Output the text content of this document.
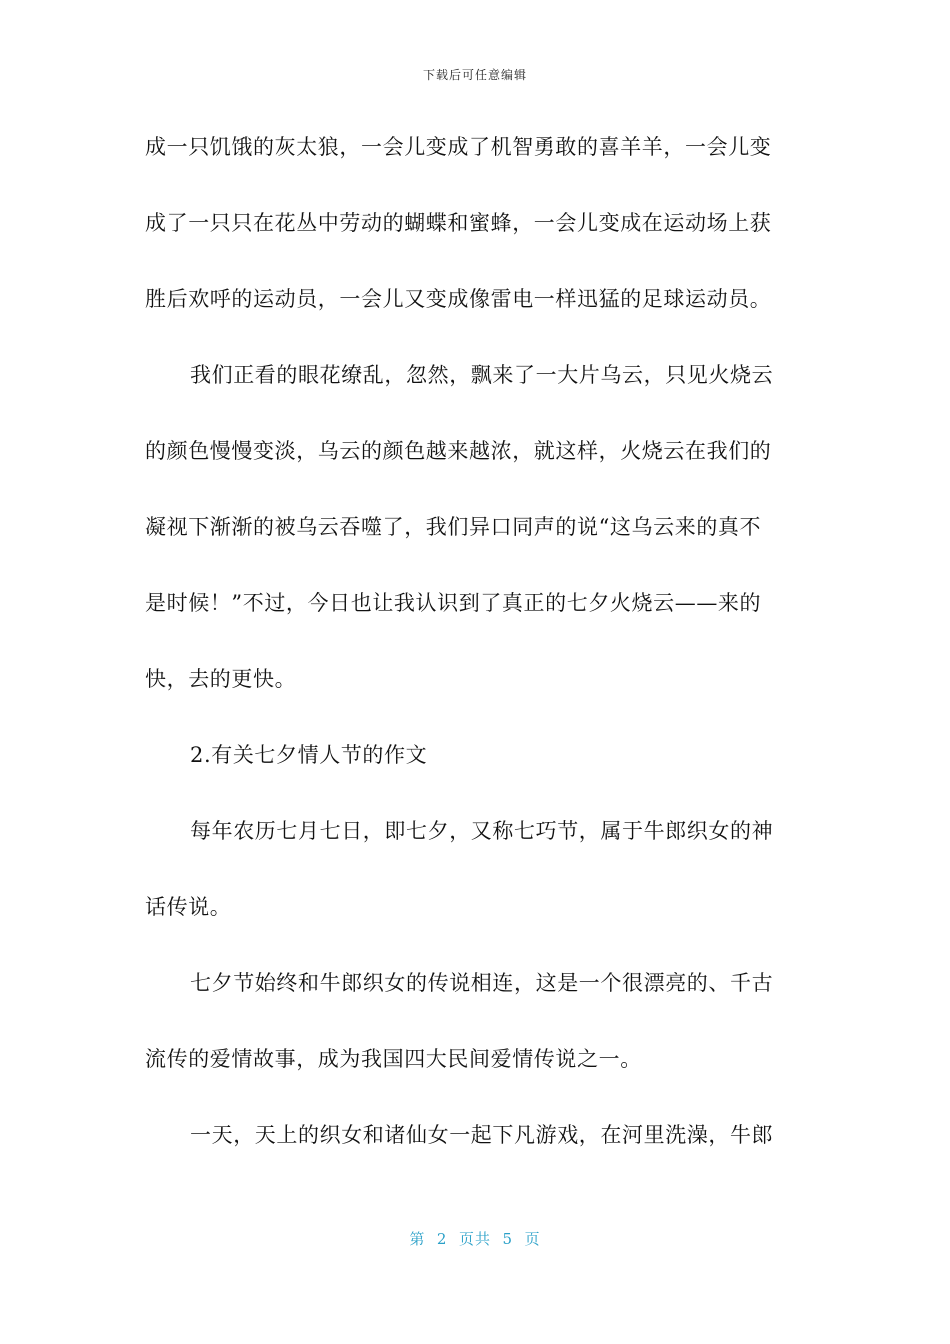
下载后可任意编辑
成一只饥饿的灰太狼，一会儿变成了机智勇敢的喜羊羊，一会儿变
成了一只只在花丛中劳动的蝴蝶和蜜蜂，一会儿变成在运动场上获
胜后欢呼的运动员，一会儿又变成像雷电一样迅猛的足球运动员。
我们正看的眼花缭乱，忽然，飘来了一大片乌云，只见火烧云
的颜色慢慢变淡，乌云的颜色越来越浓，就这样，火烧云在我们的
凝视下渐渐的被乌云吞噬了，我们异口同声的说“这乌云来的真不
是时候！”不过，今日也让我认识到了真正的七夕火烧云——来的
快，去的更快。
2.有关七夕情人节的作文
每年农历七月七日，即七夕，又称七巧节，属于牛郎织女的神
话传说。
七夕节始终和牛郎织女的传说相连，这是一个很漂亮的、千古
流传的爱情故事，成为我国四大民间爱情传说之一。
一天，天上的织女和诸仙女一起下凡游戏，在河里洗澡，牛郎
第  2  页共  5  页
